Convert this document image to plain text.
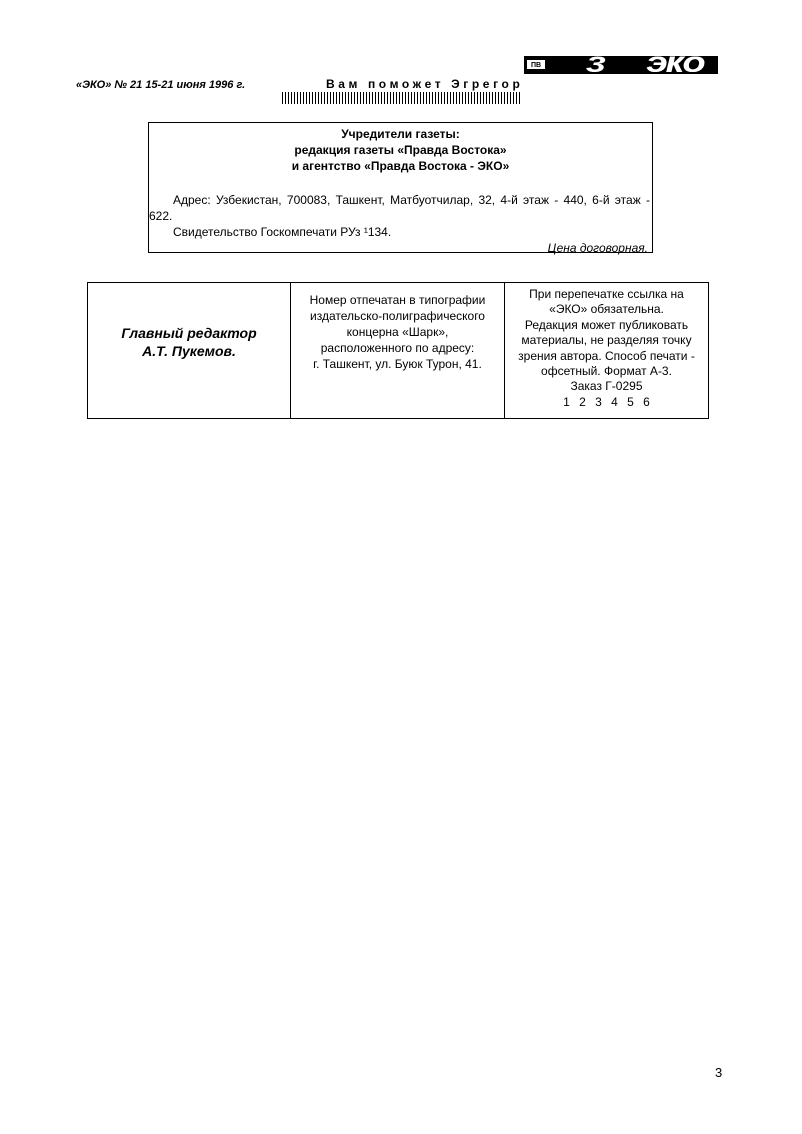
«ЭКО» № 21 15-21 июня 1996 г.	Вам поможет Эгрегор
ПВ 3 ЭКО
Учредители газеты:
редакция газеты «Правда Востока»
и агентство «Правда Востока - ЭКО»
Адрес: Узбекистан, 700083, Ташкент, Матбуотчилар, 32, 4-й этаж - 440, 6-й этаж - 622.
Свидетельство Госкомпечати РУз ¹134.
Цена договорная.
Главный редактор
А.Т. Пукемов.
Номер отпечатан в типографии
издательско-полиграфического
концерна «Шарк»,
расположенного по адресу:
г. Ташкент, ул. Буюк Турон, 41.
При перепечатке ссылка на
«ЭКО» обязательна.
Редакция может публиковать
материалы, не разделяя точку
зрения автора. Способ печати -
офсетный. Формат А-3.
Заказ Г-0295
1 2 3 4 5 6
3
